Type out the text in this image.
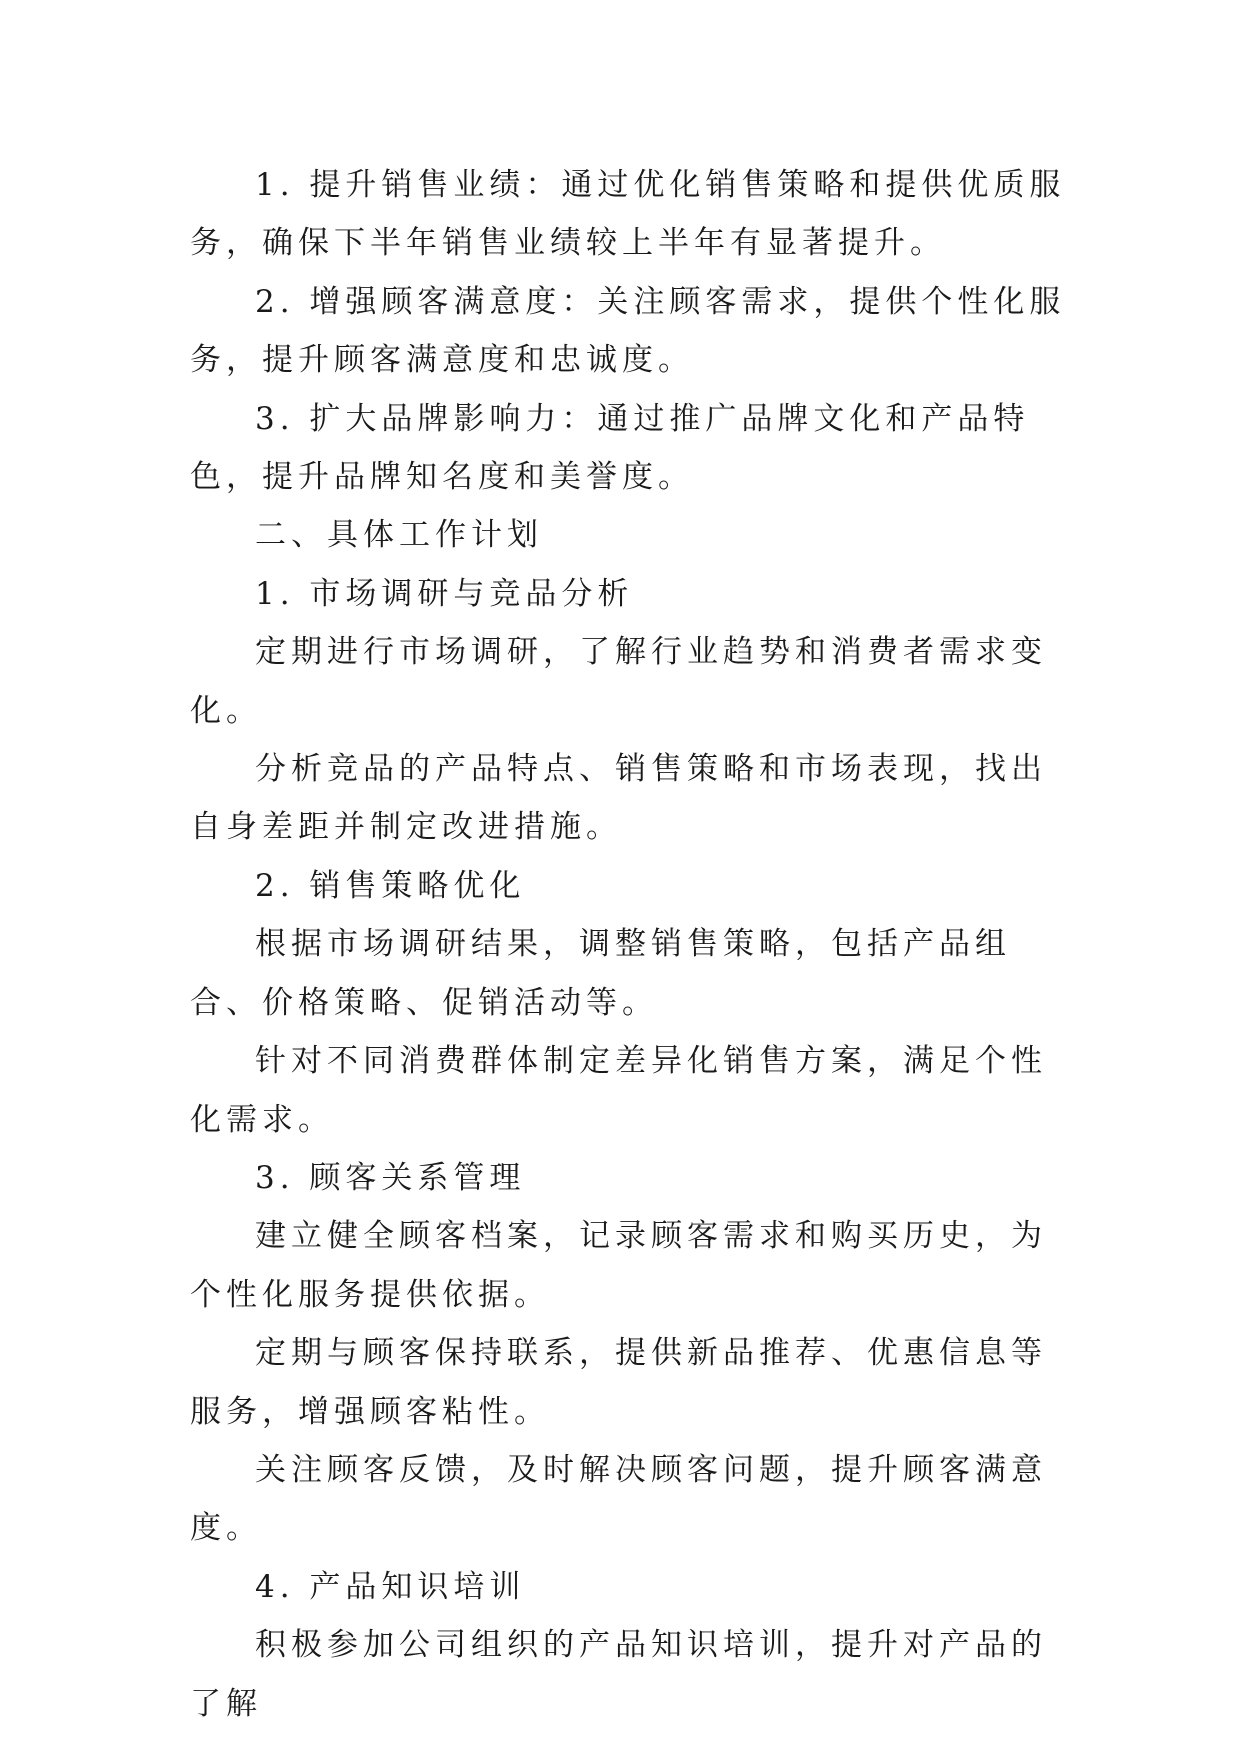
1. 提升销售业绩：通过优化销售策略和提供优质服务，确保下半年销售业绩较上半年有显著提升。

2. 增强顾客满意度：关注顾客需求，提供个性化服务，提升顾客满意度和忠诚度。

3. 扩大品牌影响力：通过推广品牌文化和产品特色，提升品牌知名度和美誉度。

二、具体工作计划

1. 市场调研与竞品分析

定期进行市场调研，了解行业趋势和消费者需求变化。

分析竞品的产品特点、销售策略和市场表现，找出自身差距并制定改进措施。

2. 销售策略优化

根据市场调研结果，调整销售策略，包括产品组合、价格策略、促销活动等。

针对不同消费群体制定差异化销售方案，满足个性化需求。

3. 顾客关系管理

建立健全顾客档案，记录顾客需求和购买历史，为个性化服务提供依据。

定期与顾客保持联系，提供新品推荐、优惠信息等服务，增强顾客粘性。

关注顾客反馈，及时解决顾客问题，提升顾客满意度。

4. 产品知识培训

积极参加公司组织的产品知识培训，提升对产品的了解
